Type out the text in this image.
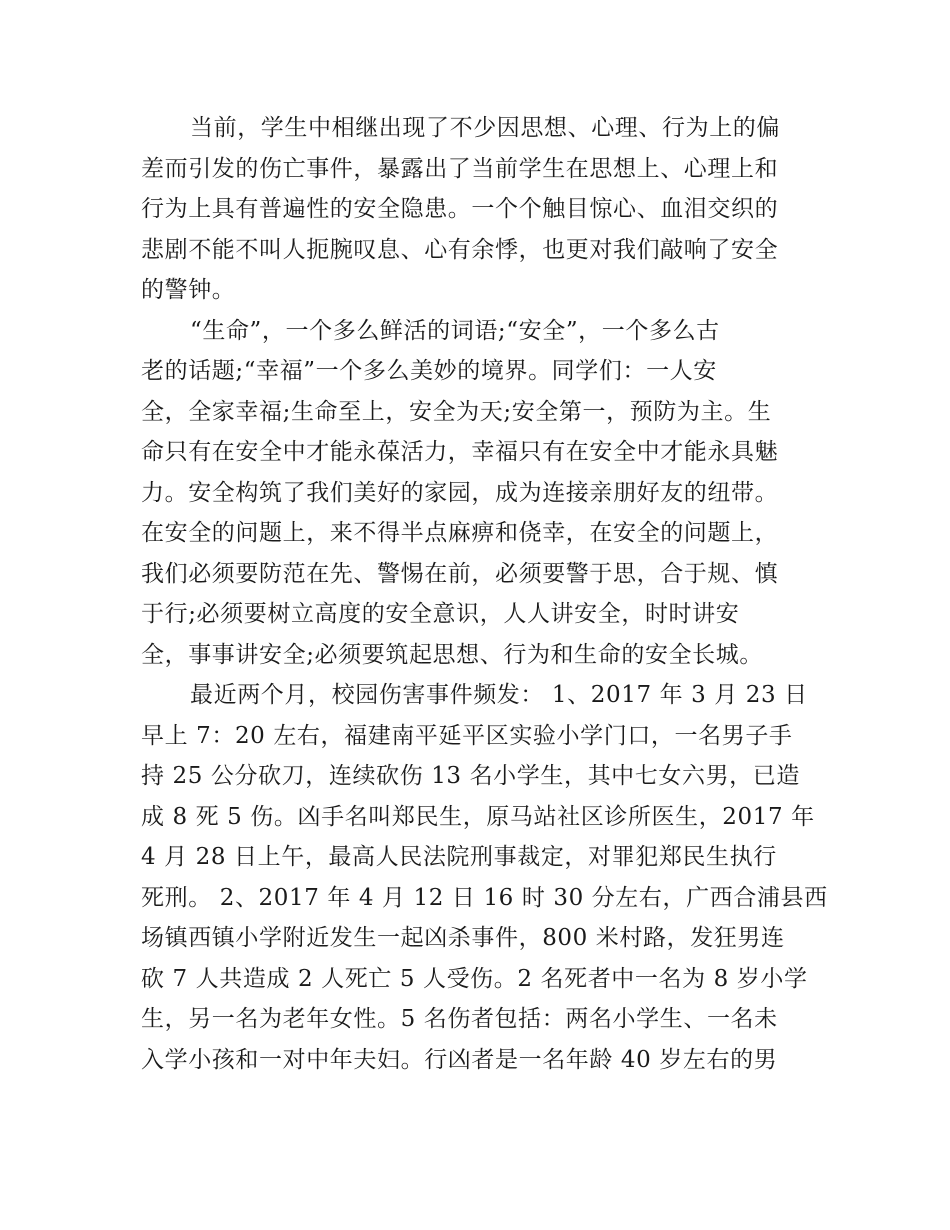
当前，学生中相继出现了不少因思想、心理、行为上的偏
差而引发的伤亡事件，暴露出了当前学生在思想上、心理上和
行为上具有普遍性的安全隐患。一个个触目惊心、血泪交织的
悲剧不能不叫人扼腕叹息、心有余悸，也更对我们敲响了安全
的警钟。
“生命”，一个多么鲜活的词语;“安全”，一个多么古
老的话题;“幸福”一个多么美妙的境界。同学们：一人安
全，全家幸福;生命至上，安全为天;安全第一，预防为主。生
命只有在安全中才能永葆活力，幸福只有在安全中才能永具魅
力。安全构筑了我们美好的家园，成为连接亲朋好友的纽带。
在安全的问题上，来不得半点麻痹和侥幸，在安全的问题上，
我们必须要防范在先、警惕在前，必须要警于思，合于规、慎
于行;必须要树立高度的安全意识，人人讲安全，时时讲安
全，事事讲安全;必须要筑起思想、行为和生命的安全长城。
最近两个月，校园伤害事件频发： 1、2017 年 3 月 23 日
早上 7：20 左右，福建南平延平区实验小学门口，一名男子手
持 25 公分砍刀，连续砍伤 13 名小学生，其中七女六男，已造
成 8 死 5 伤。凶手名叫郑民生，原马站社区诊所医生，2017 年
4 月 28 日上午，最高人民法院刑事裁定，对罪犯郑民生执行
死刑。 2、2017 年 4 月 12 日 16 时 30 分左右，广西合浦县西
场镇西镇小学附近发生一起凶杀事件，800 米村路，发狂男连
砍 7 人共造成 2 人死亡 5 人受伤。2 名死者中一名为 8 岁小学
生，另一名为老年女性。5 名伤者包括：两名小学生、一名未
入学小孩和一对中年夫妇。行凶者是一名年龄 40 岁左右的男
